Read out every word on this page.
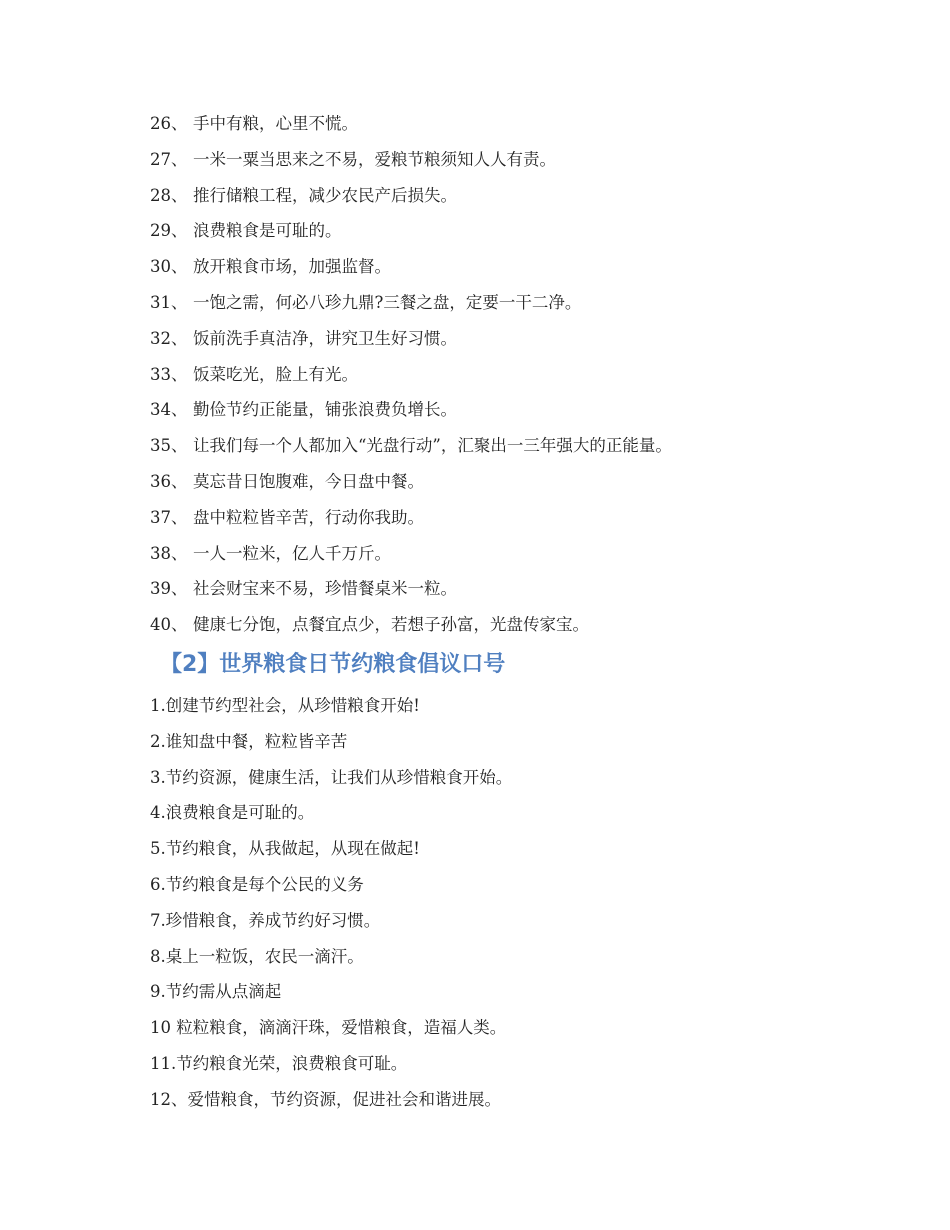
26、 手中有粮，心里不慌。
27、 一米一粟当思来之不易，爱粮节粮须知人人有责。
28、 推行储粮工程，减少农民产后损失。
29、 浪费粮食是可耻的。
30、 放开粮食市场，加强监督。
31、 一饱之需，何必八珍九鼎?三餐之盘，定要一干二净。
32、 饭前洗手真洁净，讲究卫生好习惯。
33、 饭菜吃光，脸上有光。
34、 勤俭节约正能量，铺张浪费负增长。
35、 让我们每一个人都加入“光盘行动”，汇聚出一三年强大的正能量。
36、 莫忘昔日饱腹难，今日盘中餐。
37、 盘中粒粒皆辛苦，行动你我助。
38、 一人一粒米，亿人千万斤。
39、 社会财宝来不易，珍惜餐桌米一粒。
40、 健康七分饱，点餐宜点少，若想子孙富，光盘传家宝。
【2】世界粮食日节约粮食倡议口号
1.创建节约型社会，从珍惜粮食开始!
2.谁知盘中餐，粒粒皆辛苦
3.节约资源，健康生活，让我们从珍惜粮食开始。
4.浪费粮食是可耻的。
5.节约粮食，从我做起，从现在做起!
6.节约粮食是每个公民的义务
7.珍惜粮食，养成节约好习惯。
8.桌上一粒饭，农民一滴汗。
9.节约需从点滴起
10 粒粒粮食，滴滴汗珠，爱惜粮食，造福人类。
11.节约粮食光荣，浪费粮食可耻。
12、爱惜粮食，节约资源，促进社会和谐进展。
